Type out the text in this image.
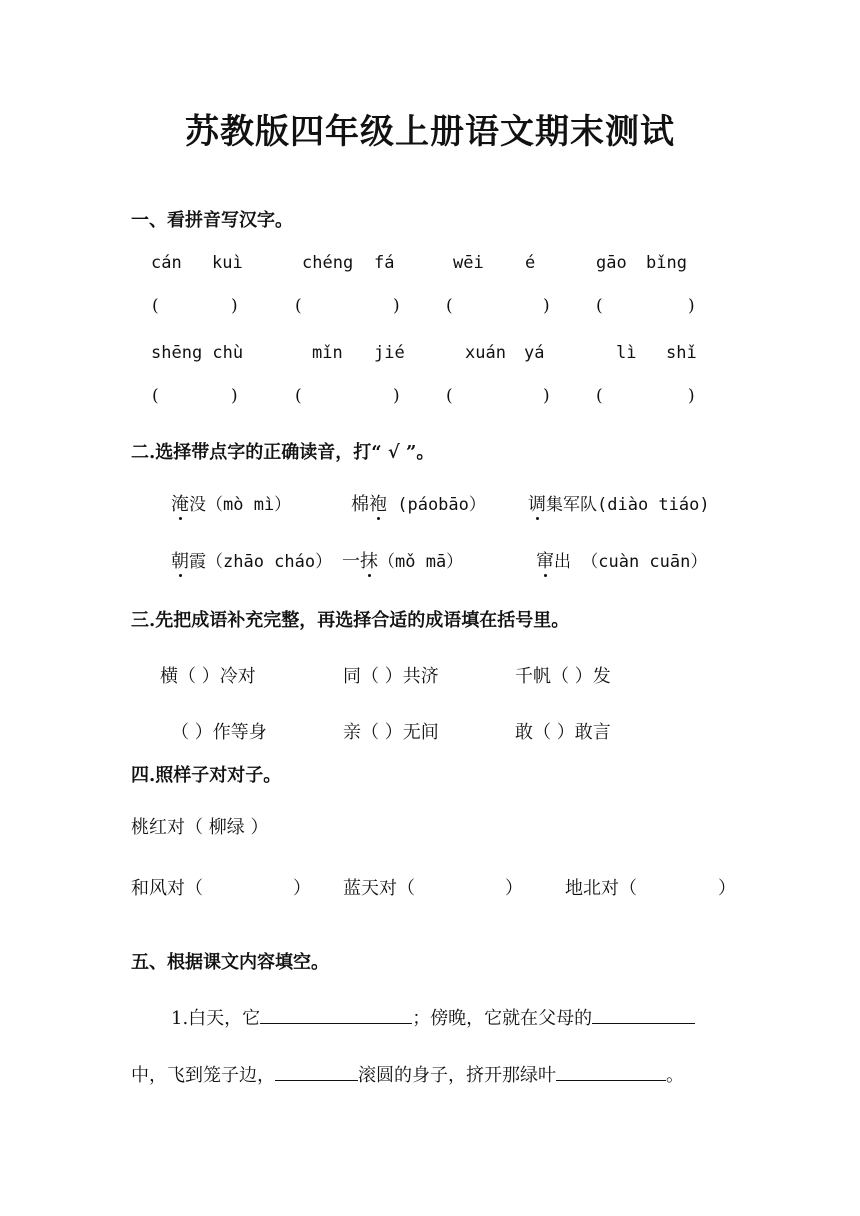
苏教版四年级上册语文期末测试
一、看拼音写汉字。
cán kuì	chéng fá	wēi é	gāo bǐng
(	)	(	)	(	)	(	)
shēng chù	mǐn jié	xuán yá	lì shǐ
(	)	(	)	(	)	(	)
二.选择带点字的正确读音，打“ √ ”。
淹没（mò mì）	棉袍 (páobāo） 调集军队(diào tiáo)
朝霞（zhāo cháo） 一抹（mǒ mā）	窜出 （cuàn cuān）
三.先把成语补充完整，再选择合适的成语填在括号里。
横（ ）冷对	同（ ）共济	千帆（ ）发
（ ）作等身	亲（ ）无间	敢（ ）敢言
四.照样子对对子。
桃红对（ 柳绿 ）
和风对（	） 蓝天对（	） 地北对（	）
五、根据课文内容填空。
1.白天，它	；傍晚，它就在父母的
中，飞到笼子边，	滚圆的身子，挤开那绿叶	。
